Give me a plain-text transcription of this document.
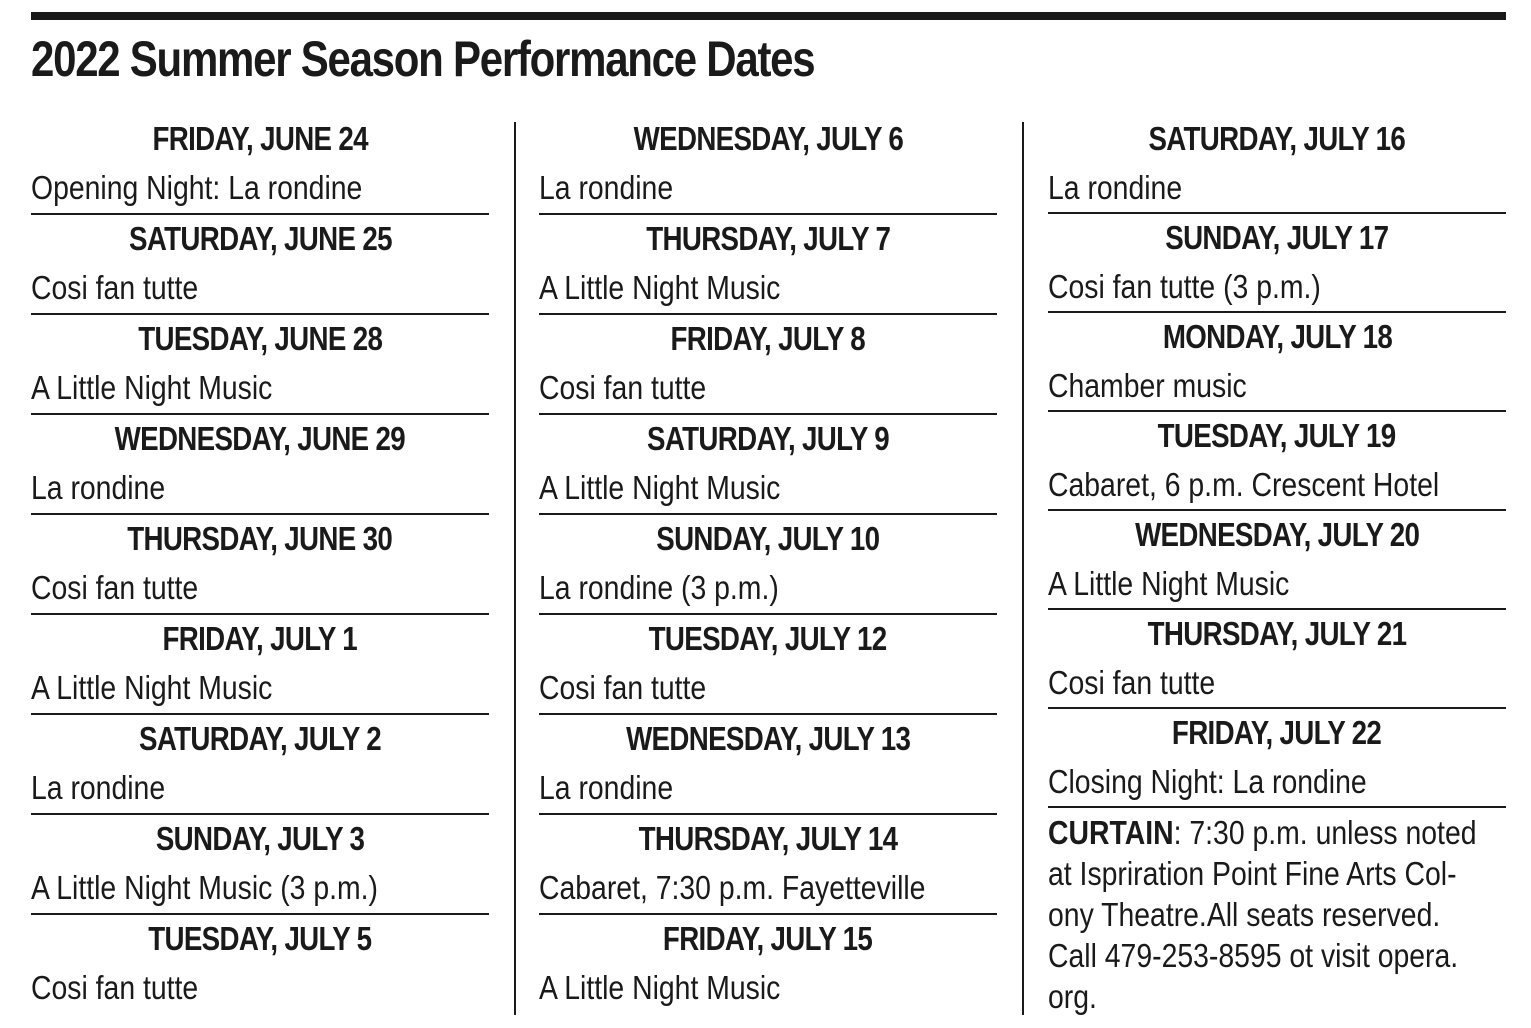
2022 Summer Season Performance Dates
FRIDAY, JUNE 24
Opening Night: La rondine
SATURDAY, JUNE 25
Cosi fan tutte
TUESDAY, JUNE 28
A Little Night Music
WEDNESDAY, JUNE 29
La rondine
THURSDAY, JUNE 30
Cosi fan tutte
FRIDAY, JULY 1
A Little Night Music
SATURDAY, JULY 2
La rondine
SUNDAY, JULY 3
A Little Night Music (3 p.m.)
TUESDAY, JULY 5
Cosi fan tutte
WEDNESDAY, JULY 6
La rondine
THURSDAY, JULY 7
A Little Night Music
FRIDAY, JULY 8
Cosi fan tutte
SATURDAY, JULY 9
A Little Night Music
SUNDAY, JULY 10
La rondine (3 p.m.)
TUESDAY, JULY 12
Cosi fan tutte
WEDNESDAY, JULY 13
La rondine
THURSDAY, JULY 14
Cabaret, 7:30 p.m. Fayetteville
FRIDAY, JULY 15
A Little Night Music
SATURDAY, JULY 16
La rondine
SUNDAY, JULY 17
Cosi fan tutte (3 p.m.)
MONDAY, JULY 18
Chamber music
TUESDAY, JULY 19
Cabaret, 6 p.m. Crescent Hotel
WEDNESDAY, JULY 20
A Little Night Music
THURSDAY, JULY 21
Cosi fan tutte
FRIDAY, JULY 22
Closing Night: La rondine
CURTAIN: 7:30 p.m. unless noted
at Ispriration Point Fine Arts Col-
ony Theatre.All seats reserved.
Call 479-253-8595 ot visit opera.
org.
